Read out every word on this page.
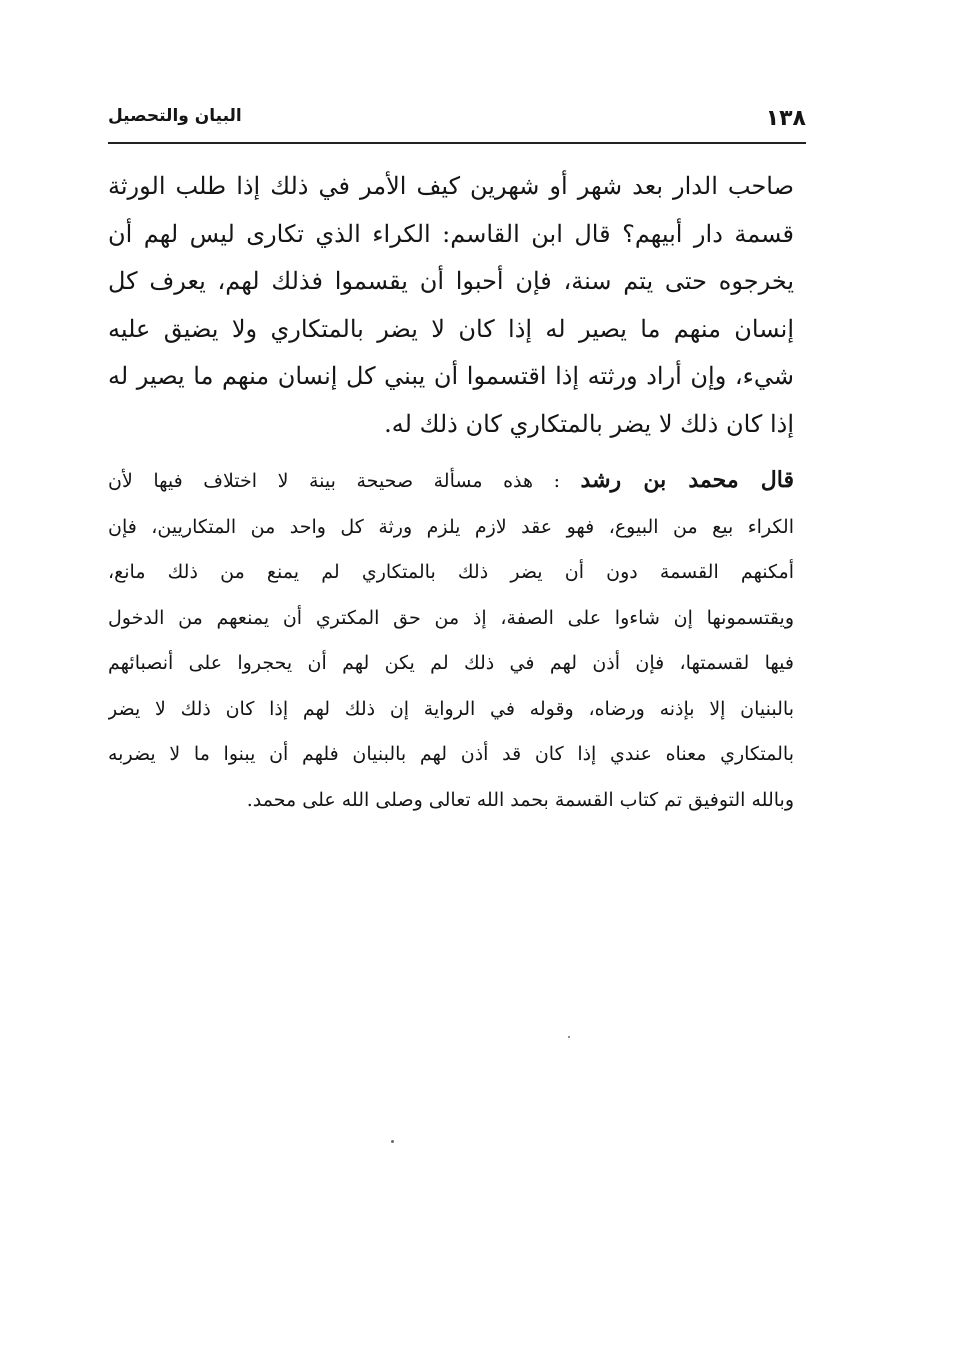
١٣٨
البيان والتحصيل
صاحب الدار بعد شهر أو شهرين كيف الأمر في ذلك إذا طلب الورثة
قسمة دار أبيهم؟ قال ابن القاسم: الكراء الذي تكارى ليس لهم أن
يخرجوه حتى يتم سنة، فإن أحبوا أن يقسموا فذلك لهم، يعرف كل
إنسان منهم ما يصير له إذا كان لا يضر بالمتكاري ولا يضيق عليه
شيء، وإن أراد ورثته إذا اقتسموا أن يبني كل إنسان منهم ما يصير له
إذا كان ذلك لا يضر بالمتكاري كان ذلك له.
قال محمد بن رشد : هذه مسألة صحيحة بينة لا اختلاف فيها لأن
الكراء بيع من البيوع، فهو عقد لازم يلزم ورثة كل واحد من المتكاريين، فإن
أمكنهم القسمة دون أن يضر ذلك بالمتكاري لم يمنع من ذلك مانع،
ويقتسمونها إن شاءوا على الصفة، إذ من حق المكتري أن يمنعهم من الدخول
فيها لقسمتها، فإن أذن لهم في ذلك لم يكن لهم أن يحجروا على أنصبائهم
بالبنيان إلا بإذنه ورضاه، وقوله في الرواية إن ذلك لهم إذا كان ذلك لا يضر
بالمتكاري معناه عندي إذا كان قد أذن لهم بالبنيان فلهم أن يبنوا ما لا يضربه
وبالله التوفيق تم كتاب القسمة بحمد الله تعالى وصلى الله على محمد.
